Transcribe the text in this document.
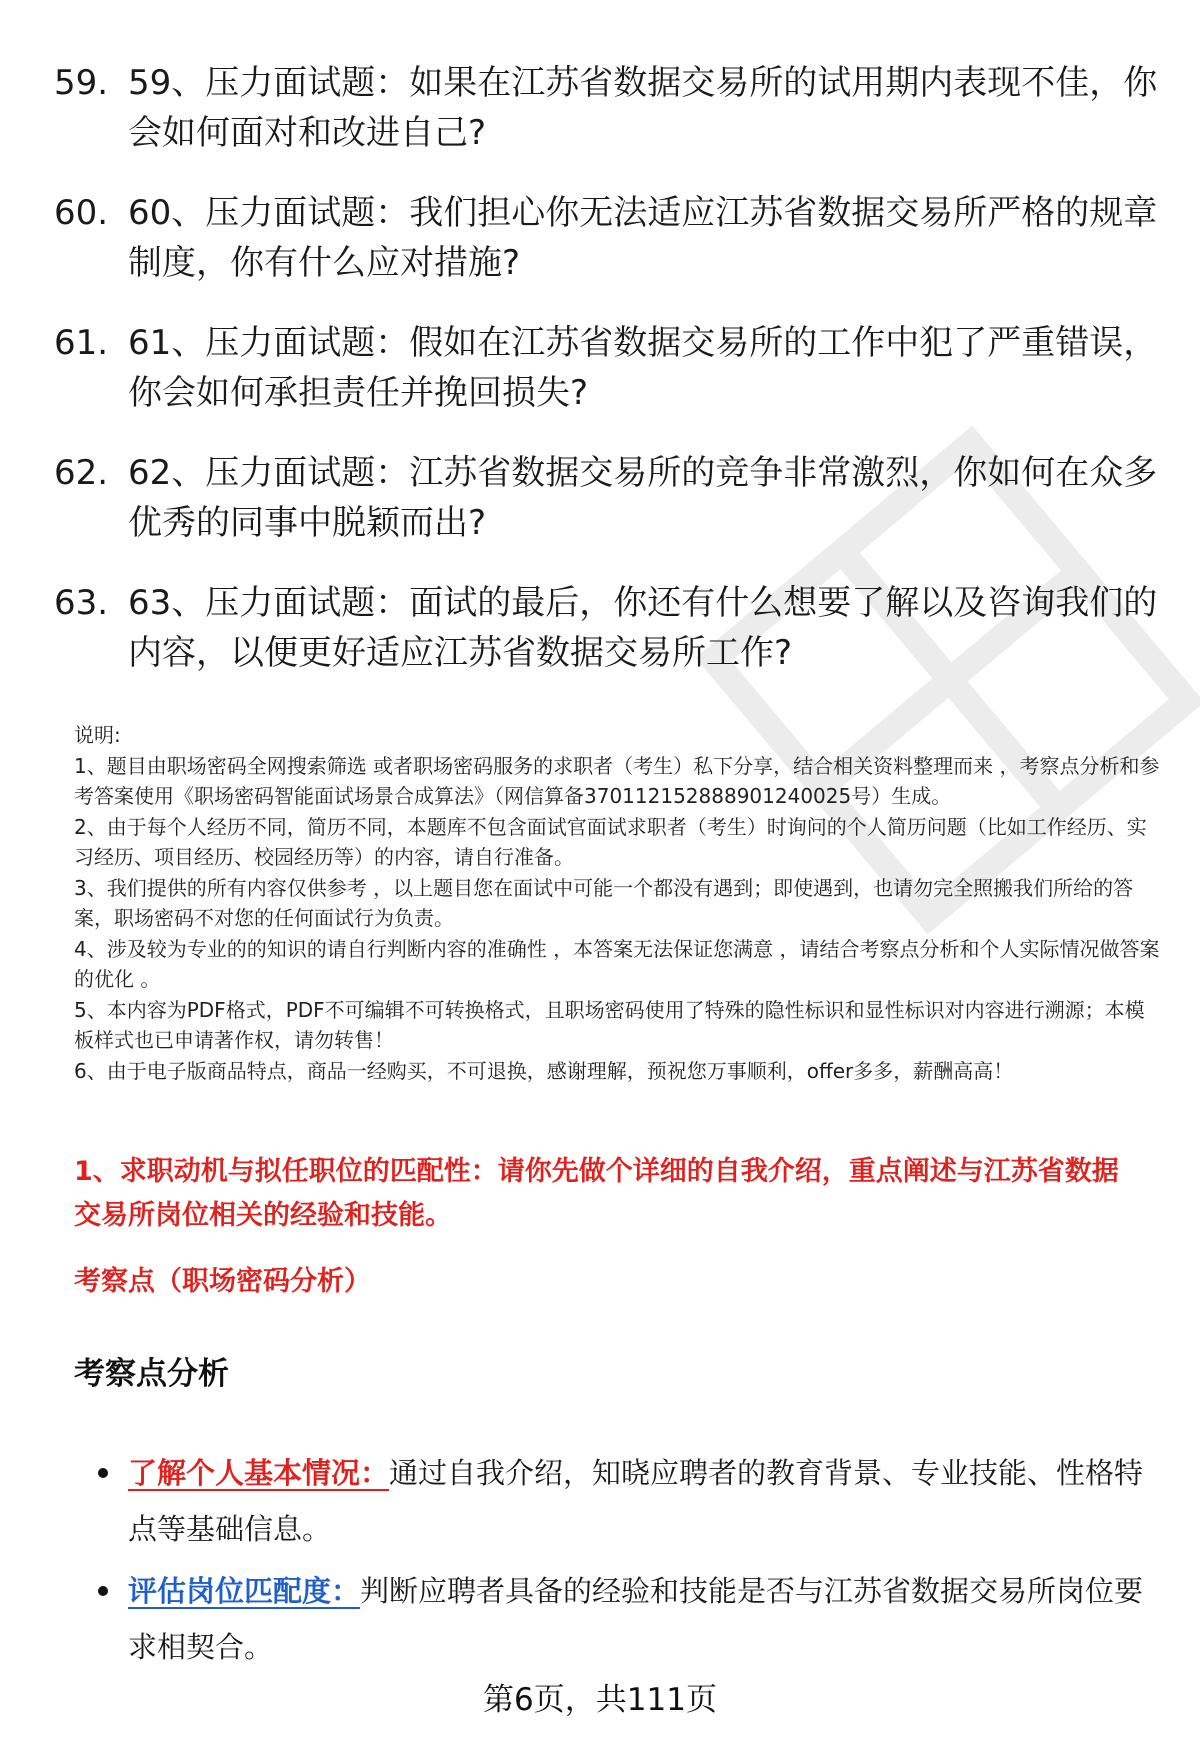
59. 59、压力面试题：如果在江苏省数据交易所的试用期内表现不佳，你会如何面对和改进自己?
60. 60、压力面试题：我们担心你无法适应江苏省数据交易所严格的规章制度，你有什么应对措施?
61. 61、压力面试题：假如在江苏省数据交易所的工作中犯了严重错误，你会如何承担责任并挽回损失?
62. 62、压力面试题：江苏省数据交易所的竞争非常激烈，你如何在众多优秀的同事中脱颖而出?
63. 63、压力面试题：面试的最后，你还有什么想要了解以及咨询我们的内容，以便更好适应江苏省数据交易所工作?

说明:

1、题目由职场密码全网搜索筛选 或者职场密码服务的求职者（考生）私下分享，结合相关资料整理而来 ，考察点分析和参考答案使用《职场密码智能面试场景合成算法》（网信算备370112152888901240025号）生成。

2、由于每个人经历不同，简历不同，本题库不包含面试官面试求职者（考生）时询问的个人简历问题（比如工作经历、实习经历、项目经历、校园经历等）的内容，请自行准备。

3、我们提供的所有内容仅供参考 ，以上题目您在面试中可能一个都没有遇到；即使遇到，也请勿完全照搬我们所给的答案，职场密码不对您的任何面试行为负责。

4、涉及较为专业的的知识的请自行判断内容的准确性 ，本答案无法保证您满意 ，请结合考察点分析和个人实际情况做答案的优化 。

5、本内容为PDF格式，PDF不可编辑不可转换格式，且职场密码使用了特殊的隐性标识和显性标识对内容进行溯源；本模板样式也已申请著作权，请勿转售！

6、由于电子版商品特点，商品一经购买，不可退换，感谢理解，预祝您万事顺利，offer多多，薪酬高高！

1、求职动机与拟任职位的匹配性：请你先做个详细的自我介绍，重点阐述与江苏省数据交易所岗位相关的经验和技能。
考察点（职场密码分析）
考察点分析
了解个人基本情况：通过自我介绍，知晓应聘者的教育背景、专业技能、性格特点等基础信息。
评估岗位匹配度：判断应聘者具备的经验和技能是否与江苏省数据交易所岗位要求相契合。
第6页，共111页
